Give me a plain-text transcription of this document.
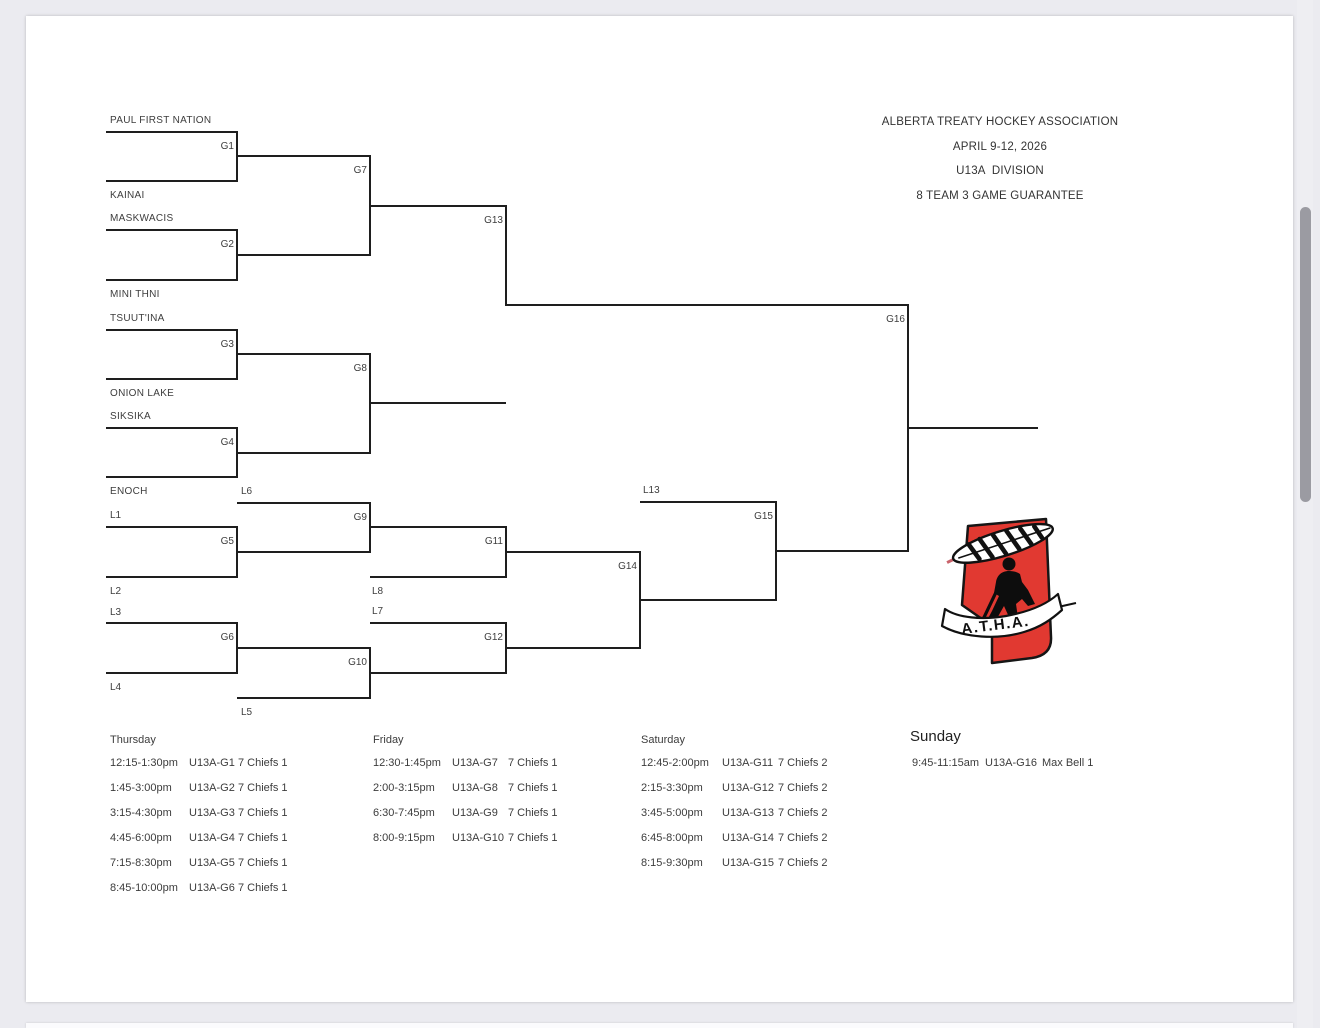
ALBERTA TREATY HOCKEY ASSOCIATION
APRIL 9-12, 2026
U13A  DIVISION
8 TEAM 3 GAME GUARANTEE
PAUL FIRST NATION
KAINAI
MASKWACIS
MINI THNI
TSUUT'INA
ONION LAKE
SIKSIKA
ENOCH
G1
G2
G3
G4
G5
G6
G7
G8
G9
G10
G11
G12
G13
G14
G15
G16
L1
L2
L3
L4
L5
L6
L7
L8
L13
A.T.H.A.
Thursday
12:15-1:30pm U13A-G1 7 Chiefs 1
1:45-3:00pm U13A-G2 7 Chiefs 1
3:15-4:30pm U13A-G3 7 Chiefs 1
4:45-6:00pm U13A-G4 7 Chiefs 1
7:15-8:30pm U13A-G5 7 Chiefs 1
8:45-10:00pm U13A-G6 7 Chiefs 1
Friday
12:30-1:45pm U13A-G7 7 Chiefs 1
2:00-3:15pm U13A-G8 7 Chiefs 1
6:30-7:45pm U13A-G9 7 Chiefs 1
8:00-9:15pm U13A-G10 7 Chiefs 1
Saturday
12:45-2:00pm U13A-G11 7 Chiefs 2
2:15-3:30pm U13A-G12 7 Chiefs 2
3:45-5:00pm U13A-G13 7 Chiefs 2
6:45-8:00pm U13A-G14 7 Chiefs 2
8:15-9:30pm U13A-G15 7 Chiefs 2
Sunday
9:45-11:15am U13A-G16 Max Bell 1
